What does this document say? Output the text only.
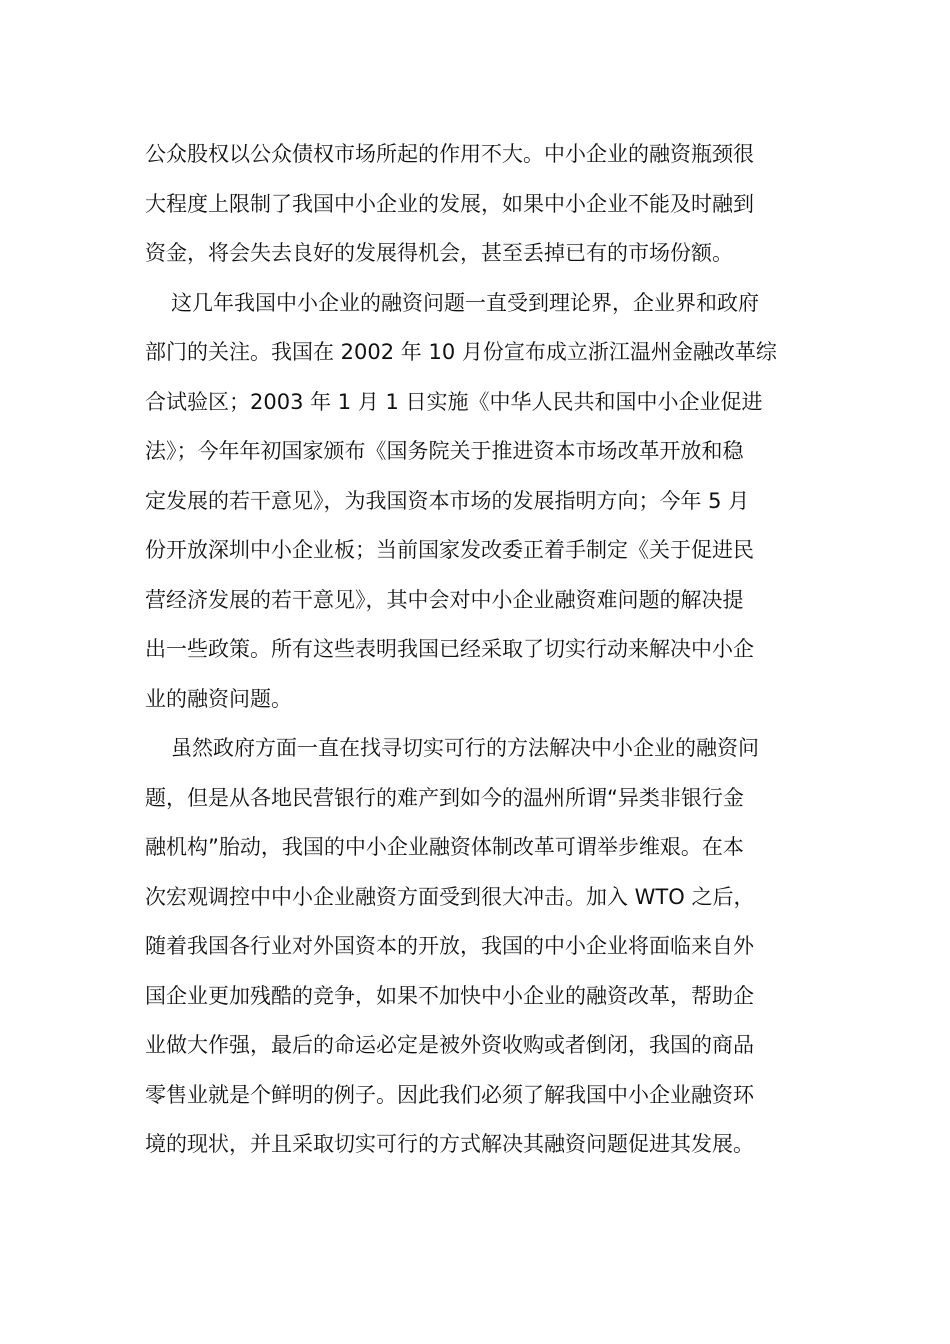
公众股权以公众债权市场所起的作用不大。中小企业的融资瓶颈很
大程度上限制了我国中小企业的发展，如果中小企业不能及时融到
资金，将会失去良好的发展得机会，甚至丢掉已有的市场份额。
这几年我国中小企业的融资问题一直受到理论界，企业界和政府
部门的关注。我国在 2002 年 10 月份宣布成立浙江温州金融改革综
合试验区；2003 年 1 月 1 日实施《中华人民共和国中小企业促进
法》；今年年初国家颁布《国务院关于推进资本市场改革开放和稳
定发展的若干意见》，为我国资本市场的发展指明方向；今年 5 月
份开放深圳中小企业板；当前国家发改委正着手制定《关于促进民
营经济发展的若干意见》，其中会对中小企业融资难问题的解决提
出一些政策。所有这些表明我国已经采取了切实行动来解决中小企
业的融资问题。
虽然政府方面一直在找寻切实可行的方法解决中小企业的融资问
题，但是从各地民营银行的难产到如今的温州所谓“异类非银行金
融机构”胎动，我国的中小企业融资体制改革可谓举步维艰。在本
次宏观调控中中小企业融资方面受到很大冲击。加入 WTO 之后，
随着我国各行业对外国资本的开放，我国的中小企业将面临来自外
国企业更加残酷的竞争，如果不加快中小企业的融资改革，帮助企
业做大作强，最后的命运必定是被外资收购或者倒闭，我国的商品
零售业就是个鲜明的例子。因此我们必须了解我国中小企业融资环
境的现状，并且采取切实可行的方式解决其融资问题促进其发展。
